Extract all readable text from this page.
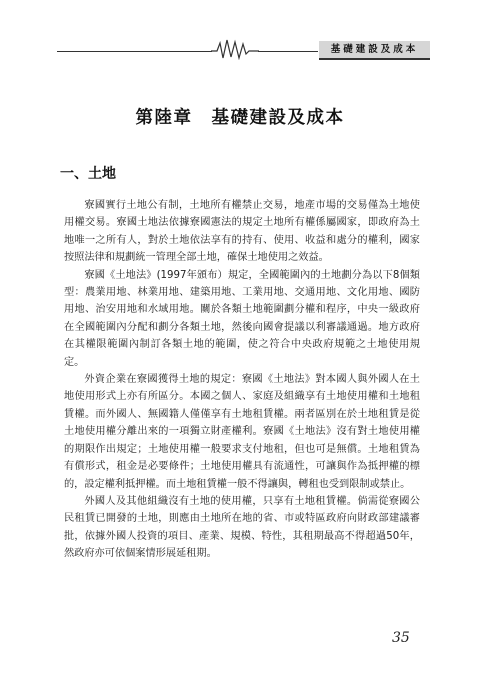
基礎建設及成本
第陸章　基礎建設及成本
一、土地

寮國實行土地公有制，土地所有權禁止交易，地產市場的交易僅為土地使用權交易。寮國土地法依據寮國憲法的規定土地所有權係屬國家，即政府為土地唯一之所有人，對於土地依法享有的持有、使用、收益和處分的權利，國家按照法律和規劃統一管理全部土地，確保土地使用之效益。

寮國《土地法》(1997年頒布）規定，全國範圍內的土地劃分為以下8個類型：農業用地、林業用地、建築用地、工業用地、交通用地、文化用地、國防用地、治安用地和水域用地。關於各類土地範圍劃分權和程序，中央一級政府在全國範圍內分配和劃分各類土地，然後向國會提議以利審議通過。地方政府在其權限範圍內制訂各類土地的範圍，使之符合中央政府規範之土地使用規定。

外資企業在寮國獲得土地的規定：寮國《土地法》對本國人與外國人在土地使用形式上亦有所區分。本國之個人、家庭及組織享有土地使用權和土地租賃權。而外國人、無國籍人僅僅享有土地租賃權。兩者區別在於土地租賃是從土地使用權分離出來的一項獨立財產權利。寮國《土地法》沒有對土地使用權的期限作出規定；土地使用權一般要求支付地租，但也可是無償。土地租賃為有償形式，租金是必要條件；土地使用權具有流通性，可讓與作為抵押權的標的，設定權利抵押權。而土地租賃權一般不得讓與，轉租也受到限制或禁止。

外國人及其他組織沒有土地的使用權，只享有土地租賃權。倘需從寮國公民租賃已開發的土地，則應由土地所在地的省、市或特區政府向財政部建議審批，依據外國人投資的項目、產業、規模、特性，其租期最高不得超過50年，然政府亦可依個案情形展延租期。

35
